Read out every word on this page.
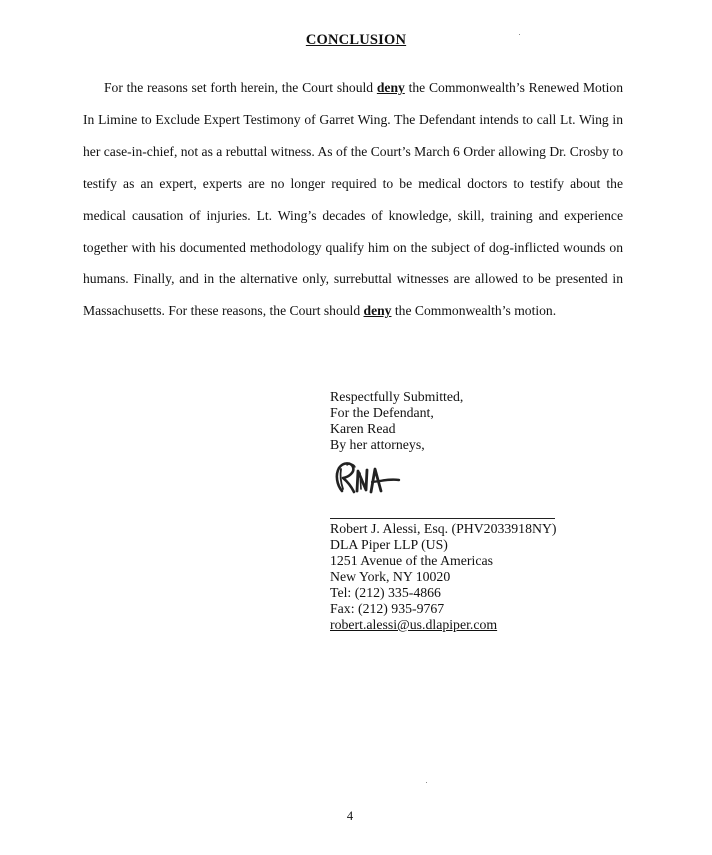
CONCLUSION

For the reasons set forth herein, the Court should deny the Commonwealth’s Renewed Motion In Limine to Exclude Expert Testimony of Garret Wing. The Defendant intends to call Lt. Wing in her case-in-chief, not as a rebuttal witness. As of the Court’s March 6 Order allowing Dr. Crosby to testify as an expert, experts are no longer required to be medical doctors to testify about the medical causation of injuries. Lt. Wing’s decades of knowledge, skill, training and experience together with his documented methodology qualify him on the subject of dog-inflicted wounds on humans. Finally, and in the alternative only, surrebuttal witnesses are allowed to be presented in Massachusetts. For these reasons, the Court should deny the Commonwealth’s motion.

Respectfully Submitted,
For the Defendant,
Karen Read
By her attorneys,
Robert J. Alessi, Esq. (PHV2033918NY)
DLA Piper LLP (US)
1251 Avenue of the Americas
New York, NY 10020
Tel: (212) 335-4866
Fax: (212) 935-9767
robert.alessi@us.dlapiper.com
4
